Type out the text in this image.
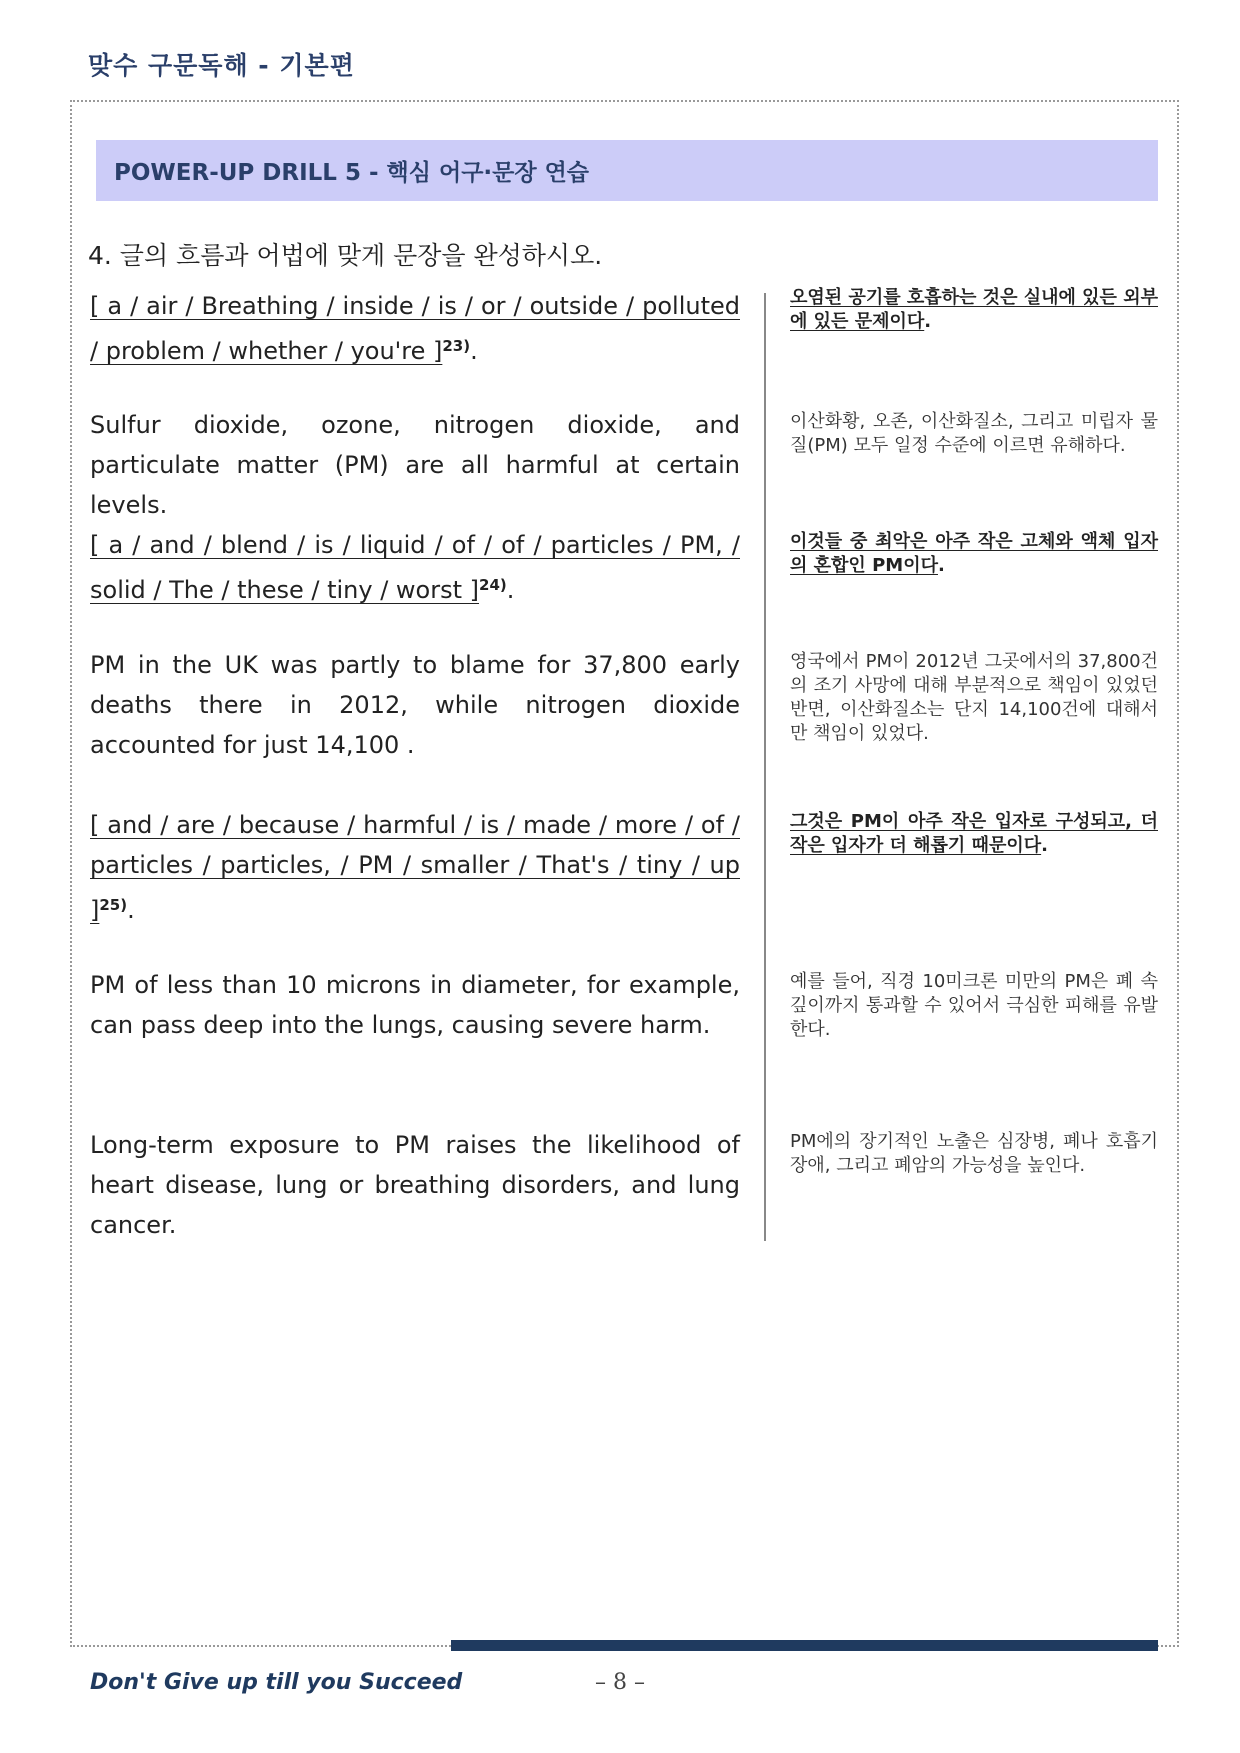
맞수 구문독해 - 기본편
POWER-UP DRILL 5 - 핵심 어구·문장 연습
4. 글의 흐름과 어법에 맞게 문장을 완성하시오.
[ a / air / Breathing / inside / is / or / outside / polluted / problem / whether / you're ]$^{23)}$.
오염된 공기를 호흡하는 것은 실내에 있든 외부에 있든 문제이다.
Sulfur dioxide, ozone, nitrogen dioxide, and particulate matter (PM) are all harmful at certain levels.
이산화황, 오존, 이산화질소, 그리고 미립자 물질(PM) 모두 일정 수준에 이르면 유해하다.
[ a / and / blend / is / liquid / of / of / particles / PM, / solid / The / these / tiny / worst ]$^{24)}$.
이것들 중 최악은 아주 작은 고체와 액체 입자의 혼합인 PM이다.
PM in the UK was partly to blame for 37,800 early deaths there in 2012, while nitrogen dioxide accounted for just 14,100 .
영국에서 PM이 2012년 그곳에서의 37,800건의 조기 사망에 대해 부분적으로 책임이 있었던 반면, 이산화질소는 단지 14,100건에 대해서만 책임이 있었다.
[ and / are / because / harmful / is / made / more / of / particles / particles, / PM / smaller / That's / tiny / up ]$^{25)}$.
그것은 PM이 아주 작은 입자로 구성되고, 더 작은 입자가 더 해롭기 때문이다.
PM of less than 10 microns in diameter, for example, can pass deep into the lungs, causing severe harm.
예를 들어, 직경 10미크론 미만의 PM은 폐 속 깊이까지 통과할 수 있어서 극심한 피해를 유발한다.
Long-term exposure to PM raises the likelihood of heart disease, lung or breathing disorders, and lung cancer.
PM에의 장기적인 노출은 심장병, 폐나 호흡기 장애, 그리고 폐암의 가능성을 높인다.
Don't Give up till you Succeed	– 8 –
